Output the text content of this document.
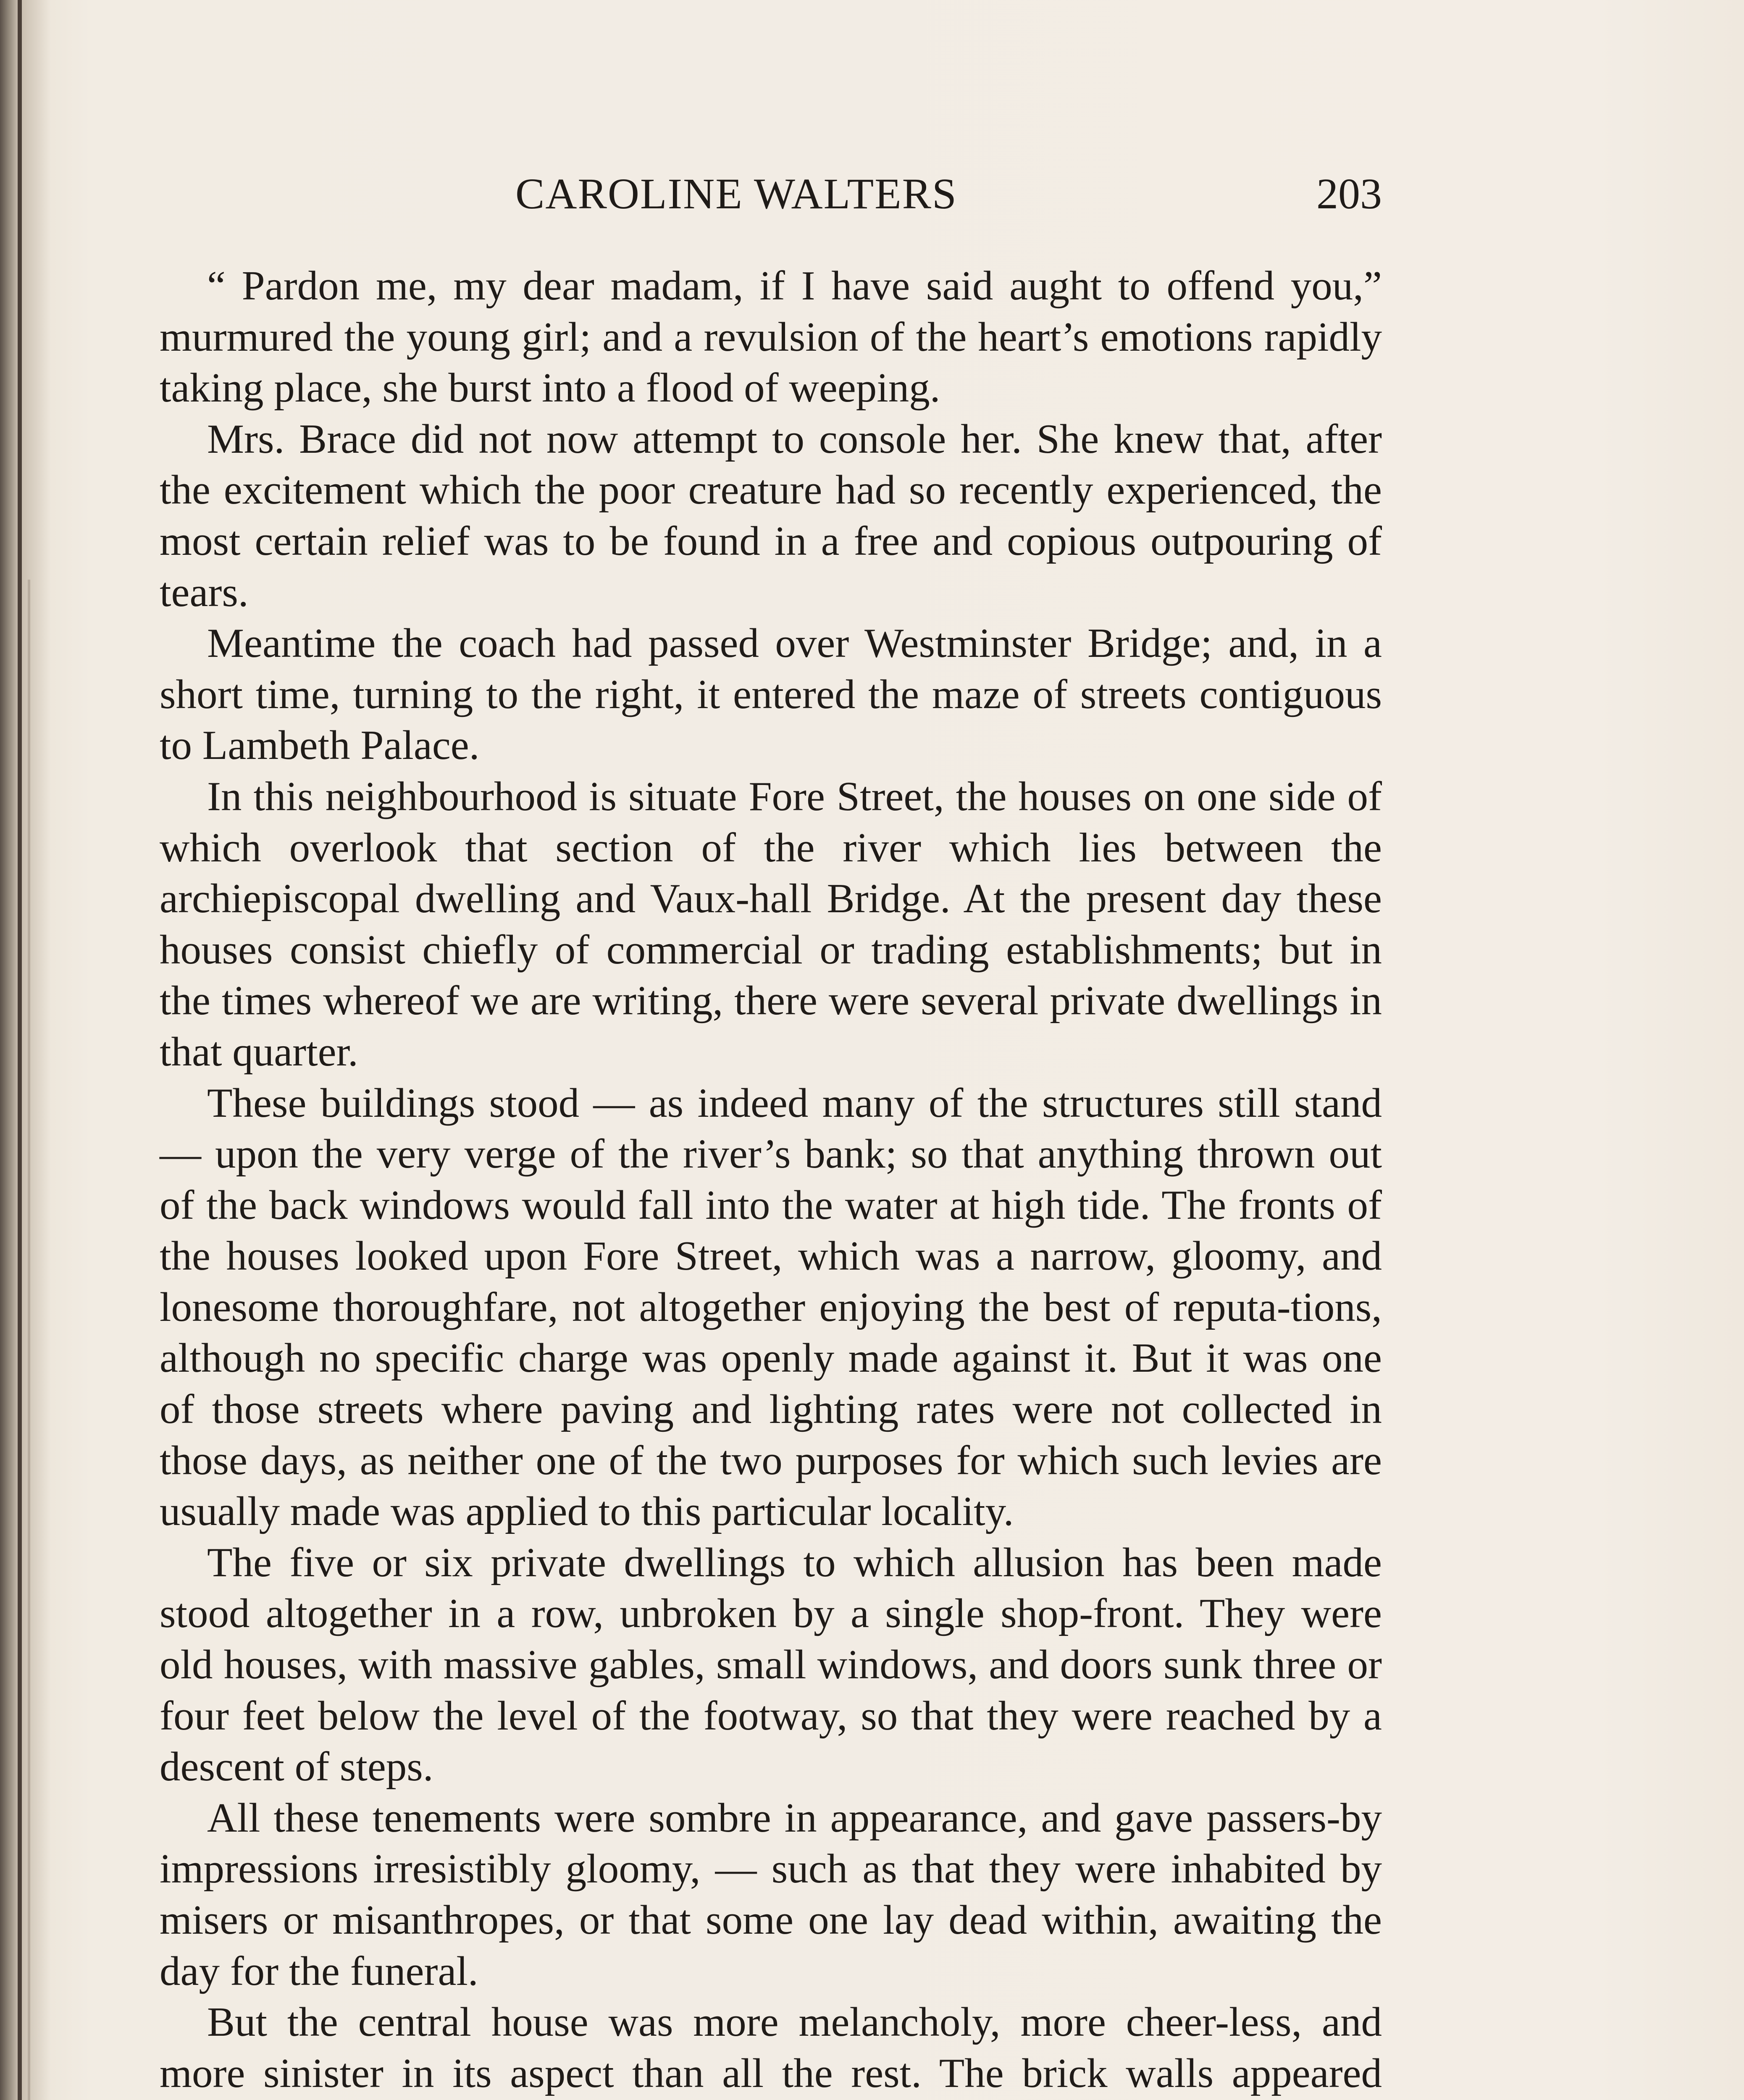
CAROLINE WALTERS	203

“ Pardon me, my dear madam, if I have said aught to offend you,” murmured the young girl; and a revulsion of the heart’s emotions rapidly taking place, she burst into a flood of weeping.

Mrs. Brace did not now attempt to console her. She knew that, after the excitement which the poor creature had so recently experienced, the most certain relief was to be found in a free and copious outpouring of tears.

Meantime the coach had passed over Westminster Bridge; and, in a short time, turning to the right, it entered the maze of streets contiguous to Lambeth Palace.

In this neighbourhood is situate Fore Street, the houses on one side of which overlook that section of the river which lies between the archiepiscopal dwelling and Vaux-hall Bridge. At the present day these houses consist chiefly of commercial or trading establishments; but in the times whereof we are writing, there were several private dwellings in that quarter.

These buildings stood — as indeed many of the structures still stand — upon the very verge of the river’s bank; so that anything thrown out of the back windows would fall into the water at high tide. The fronts of the houses looked upon Fore Street, which was a narrow, gloomy, and lonesome thoroughfare, not altogether enjoying the best of reputa-tions, although no specific charge was openly made against it. But it was one of those streets where paving and lighting rates were not collected in those days, as neither one of the two purposes for which such levies are usually made was applied to this particular locality.

The five or six private dwellings to which allusion has been made stood altogether in a row, unbroken by a single shop-front. They were old houses, with massive gables, small windows, and doors sunk three or four feet below the level of the footway, so that they were reached by a descent of steps.

All these tenements were sombre in appearance, and gave passers-by impressions irresistibly gloomy, — such as that they were inhabited by misers or misanthropes, or that some one lay dead within, awaiting the day for the funeral.

But the central house was more melancholy, more cheer-less, and more sinister in its aspect than all the rest. The brick walls appeared
